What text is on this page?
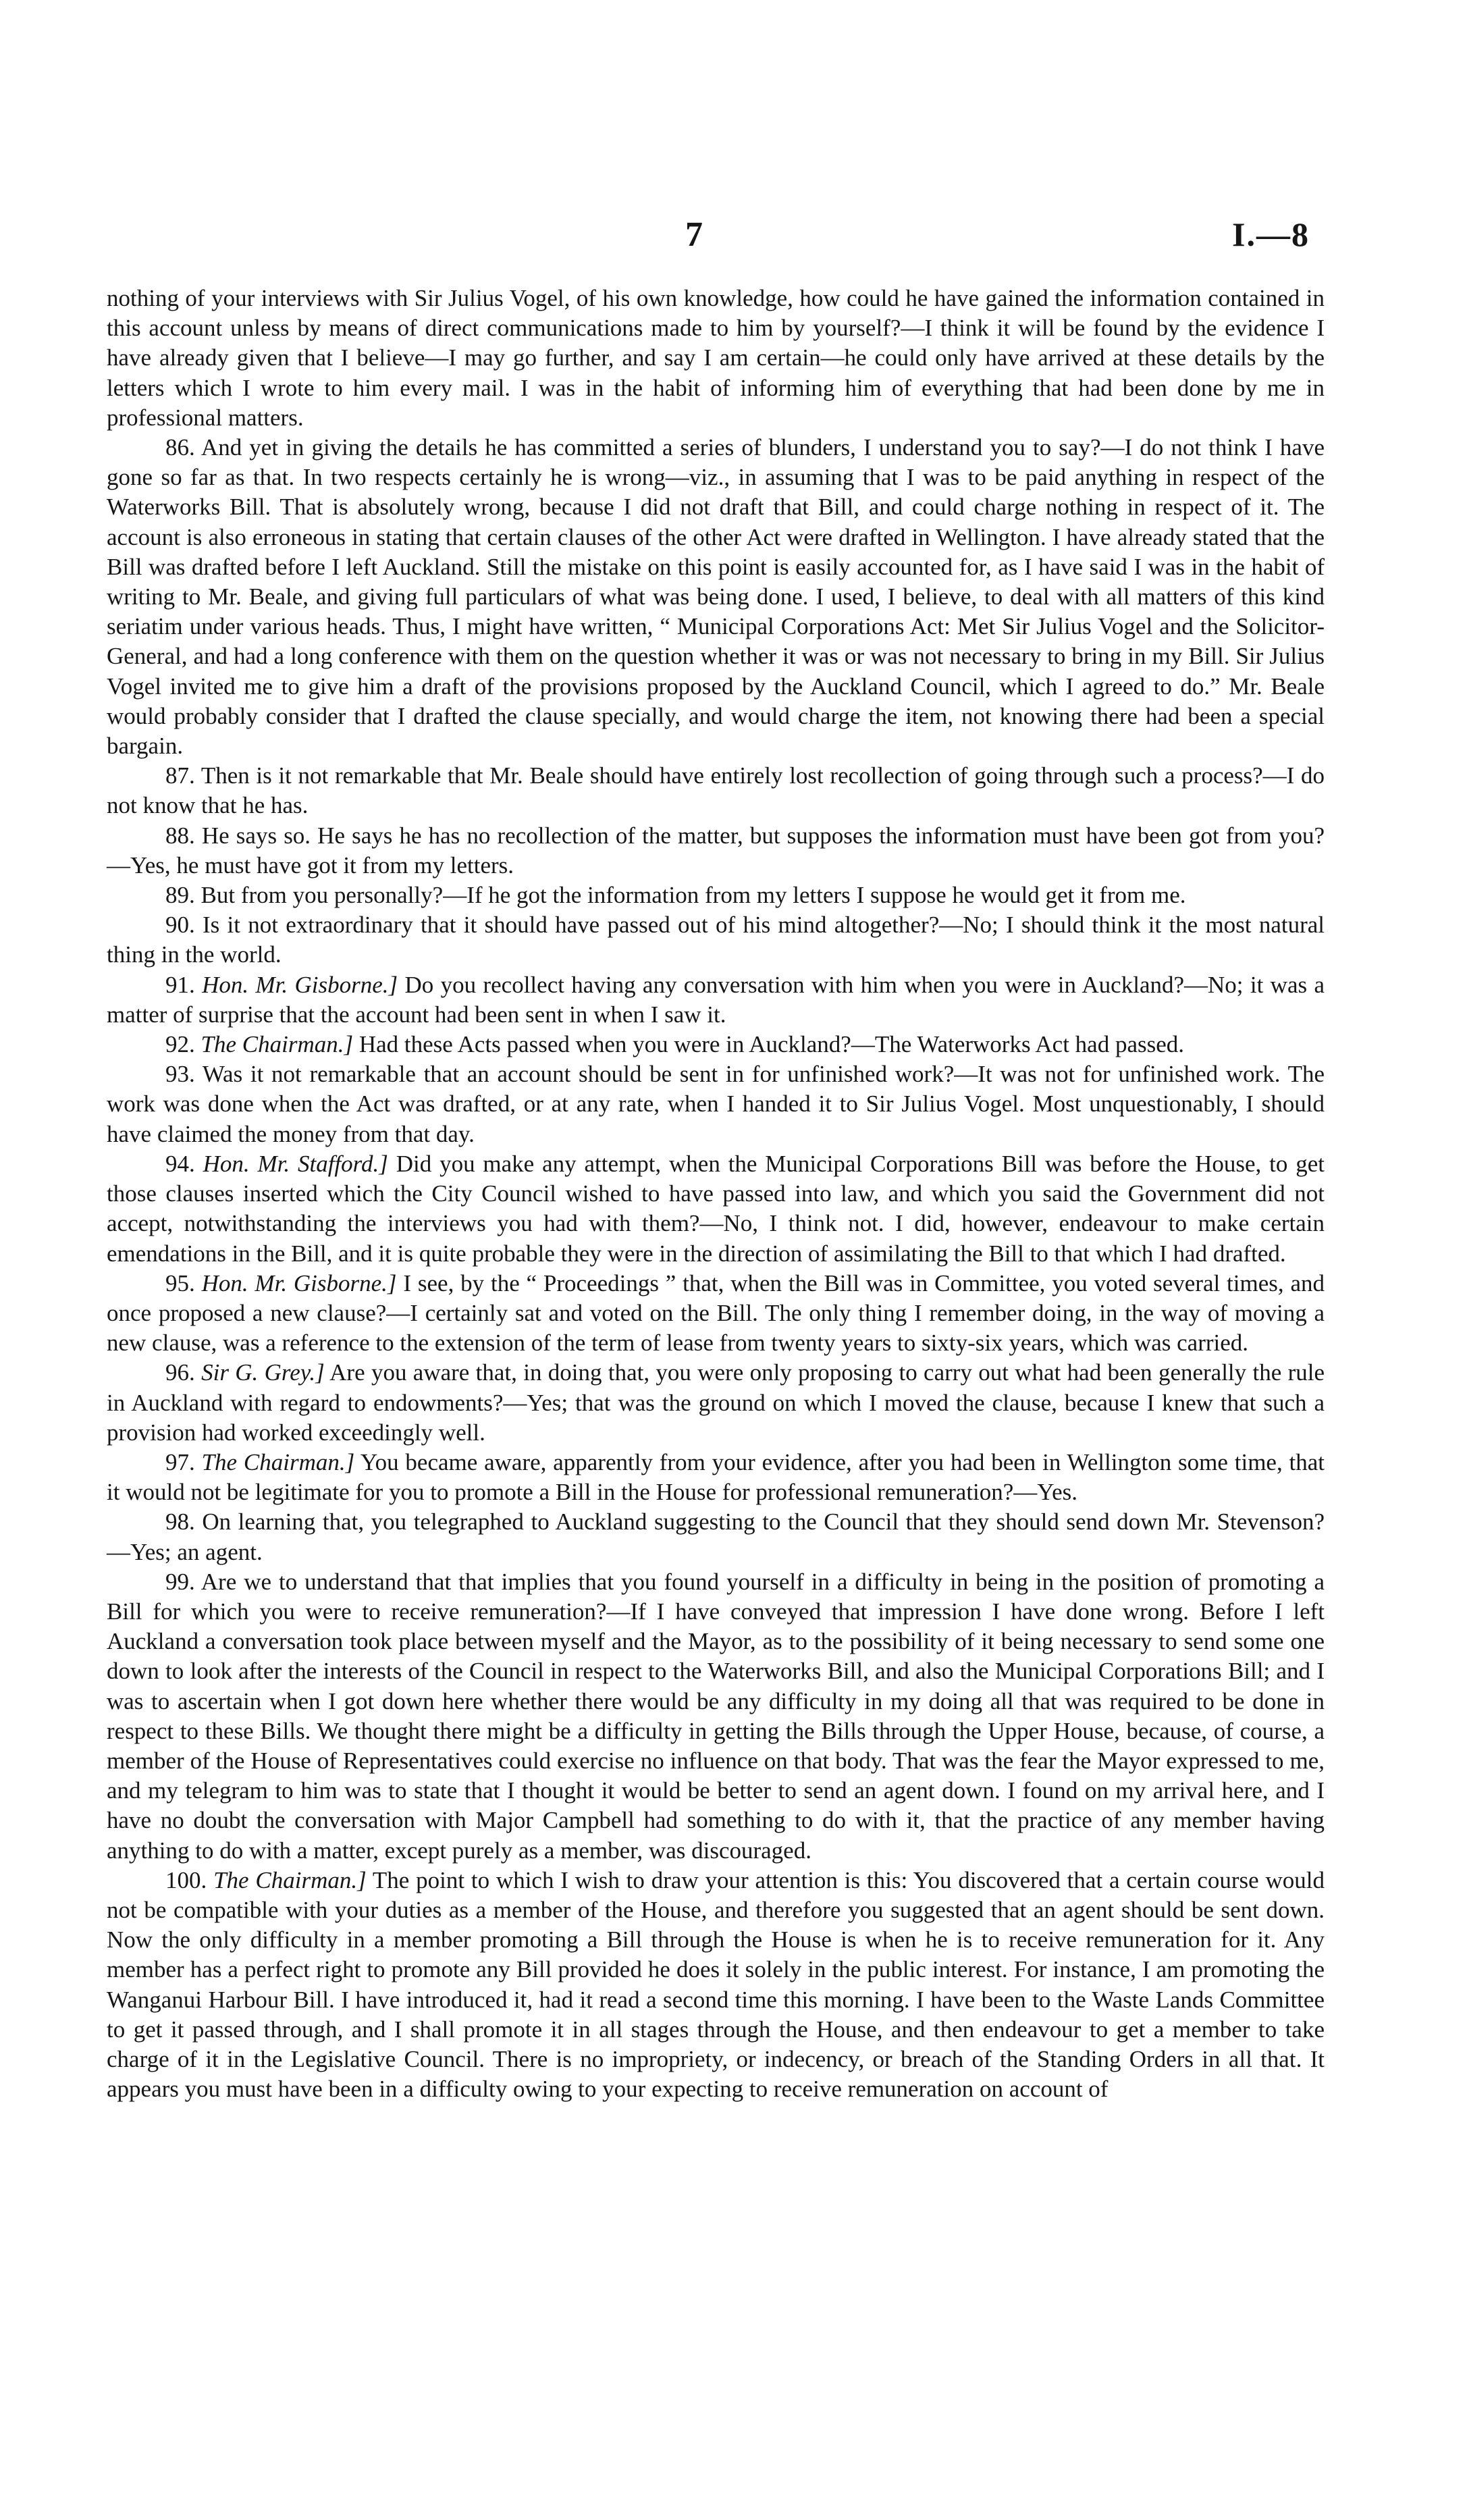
7	I.—8

nothing of your interviews with Sir Julius Vogel, of his own knowledge, how could he have gained the information contained in this account unless by means of direct communications made to him by yourself?—I think it will be found by the evidence I have already given that I believe—I may go further, and say I am certain—he could only have arrived at these details by the letters which I wrote to him every mail. I was in the habit of informing him of everything that had been done by me in professional matters.

86. And yet in giving the details he has committed a series of blunders, I understand you to say?—I do not think I have gone so far as that. In two respects certainly he is wrong—viz., in assuming that I was to be paid anything in respect of the Waterworks Bill. That is absolutely wrong, because I did not draft that Bill, and could charge nothing in respect of it. The account is also erroneous in stating that certain clauses of the other Act were drafted in Wellington. I have already stated that the Bill was drafted before I left Auckland. Still the mistake on this point is easily accounted for, as I have said I was in the habit of writing to Mr. Beale, and giving full particulars of what was being done. I used, I believe, to deal with all matters of this kind seriatim under various heads. Thus, I might have written, “ Municipal Corporations Act: Met Sir Julius Vogel and the Solicitor-General, and had a long conference with them on the question whether it was or was not necessary to bring in my Bill. Sir Julius Vogel invited me to give him a draft of the provisions proposed by the Auckland Council, which I agreed to do.” Mr. Beale would probably consider that I drafted the clause specially, and would charge the item, not knowing there had been a special bargain.

87. Then is it not remarkable that Mr. Beale should have entirely lost recollection of going through such a process?—I do not know that he has.

88. He says so. He says he has no recollection of the matter, but supposes the information must have been got from you?—Yes, he must have got it from my letters.

89. But from you personally?—If he got the information from my letters I suppose he would get it from me.

90. Is it not extraordinary that it should have passed out of his mind altogether?—No; I should think it the most natural thing in the world.

91. Hon. Mr. Gisborne.] Do you recollect having any conversation with him when you were in Auckland?—No; it was a matter of surprise that the account had been sent in when I saw it.

92. The Chairman.] Had these Acts passed when you were in Auckland?—The Waterworks Act had passed.

93. Was it not remarkable that an account should be sent in for unfinished work?—It was not for unfinished work. The work was done when the Act was drafted, or at any rate, when I handed it to Sir Julius Vogel. Most unquestionably, I should have claimed the money from that day.

94. Hon. Mr. Stafford.] Did you make any attempt, when the Municipal Corporations Bill was before the House, to get those clauses inserted which the City Council wished to have passed into law, and which you said the Government did not accept, notwithstanding the interviews you had with them?—No, I think not. I did, however, endeavour to make certain emendations in the Bill, and it is quite probable they were in the direction of assimilating the Bill to that which I had drafted.

95. Hon. Mr. Gisborne.] I see, by the “ Proceedings ” that, when the Bill was in Committee, you voted several times, and once proposed a new clause?—I certainly sat and voted on the Bill. The only thing I remember doing, in the way of moving a new clause, was a reference to the extension of the term of lease from twenty years to sixty-six years, which was carried.

96. Sir G. Grey.] Are you aware that, in doing that, you were only proposing to carry out what had been generally the rule in Auckland with regard to endowments?—Yes; that was the ground on which I moved the clause, because I knew that such a provision had worked exceedingly well.

97. The Chairman.] You became aware, apparently from your evidence, after you had been in Wellington some time, that it would not be legitimate for you to promote a Bill in the House for professional remuneration?—Yes.

98. On learning that, you telegraphed to Auckland suggesting to the Council that they should send down Mr. Stevenson?—Yes; an agent.

99. Are we to understand that that implies that you found yourself in a difficulty in being in the position of promoting a Bill for which you were to receive remuneration?—If I have conveyed that impression I have done wrong. Before I left Auckland a conversation took place between myself and the Mayor, as to the possibility of it being necessary to send some one down to look after the interests of the Council in respect to the Waterworks Bill, and also the Municipal Corporations Bill; and I was to ascertain when I got down here whether there would be any difficulty in my doing all that was required to be done in respect to these Bills. We thought there might be a difficulty in getting the Bills through the Upper House, because, of course, a member of the House of Representatives could exercise no influence on that body. That was the fear the Mayor expressed to me, and my telegram to him was to state that I thought it would be better to send an agent down. I found on my arrival here, and I have no doubt the conversation with Major Campbell had something to do with it, that the practice of any member having anything to do with a matter, except purely as a member, was discouraged.

100. The Chairman.] The point to which I wish to draw your attention is this: You discovered that a certain course would not be compatible with your duties as a member of the House, and therefore you suggested that an agent should be sent down. Now the only difficulty in a member promoting a Bill through the House is when he is to receive remuneration for it. Any member has a perfect right to promote any Bill provided he does it solely in the public interest. For instance, I am promoting the Wanganui Harbour Bill. I have introduced it, had it read a second time this morning. I have been to the Waste Lands Committee to get it passed through, and I shall promote it in all stages through the House, and then endeavour to get a member to take charge of it in the Legislative Council. There is no impropriety, or indecency, or breach of the Standing Orders in all that. It appears you must have been in a difficulty owing to your expecting to receive remuneration on account of
